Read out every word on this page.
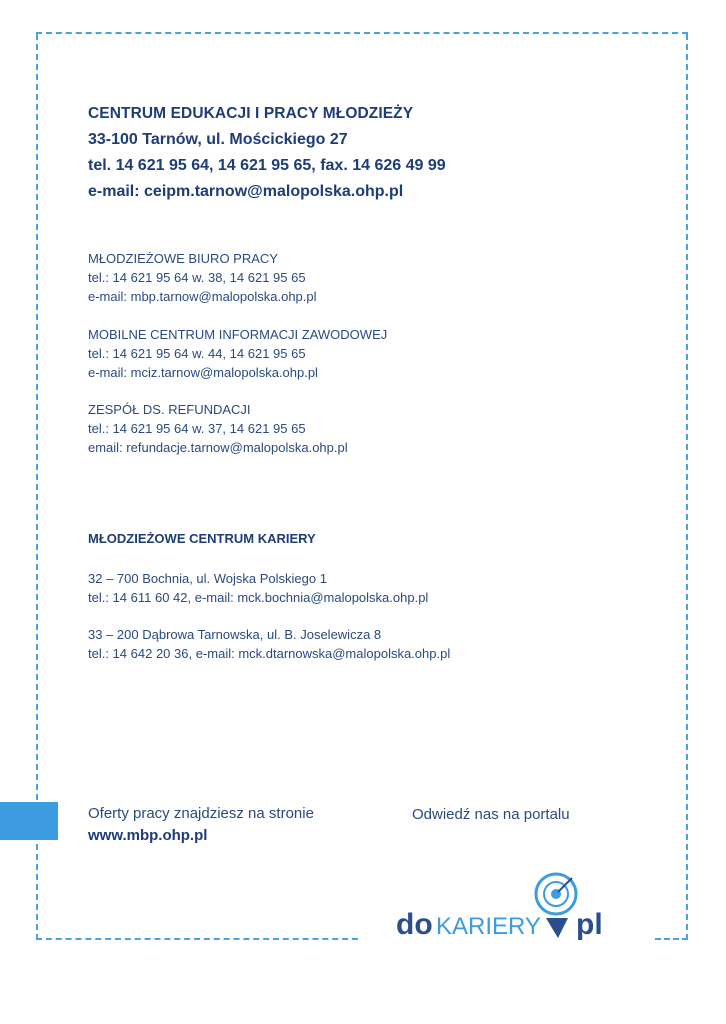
CENTRUM EDUKACJI I PRACY MŁODZIEŻY
33-100 Tarnów, ul. Mościckiego 27
tel. 14 621 95 64, 14 621 95 65, fax. 14 626 49 99
e-mail: ceipm.tarnow@malopolska.ohp.pl
MŁODZIEŻOWE BIURO PRACY
tel.: 14 621 95 64 w. 38, 14 621 95 65
e-mail: mbp.tarnow@malopolska.ohp.pl
MOBILNE CENTRUM INFORMACJI ZAWODOWEJ
tel.: 14 621 95 64 w. 44, 14 621 95 65
e-mail: mciz.tarnow@malopolska.ohp.pl
ZESPÓŁ DS. REFUNDACJI
tel.: 14 621 95 64 w. 37, 14 621 95 65
email: refundacje.tarnow@malopolska.ohp.pl
MŁODZIEŻOWE CENTRUM KARIERY
32 – 700 Bochnia, ul. Wojska Polskiego 1
tel.: 14 611 60 42, e-mail: mck.bochnia@malopolska.ohp.pl
33 – 200 Dąbrowa Tarnowska, ul. B. Joselewicza 8
tel.: 14 642 20 36, e-mail: mck.dtarnowska@malopolska.ohp.pl
Oferty pracy znajdziesz na stronie
www.mbp.ohp.pl
Odwiedź nas na portalu
do KARIERY pl
